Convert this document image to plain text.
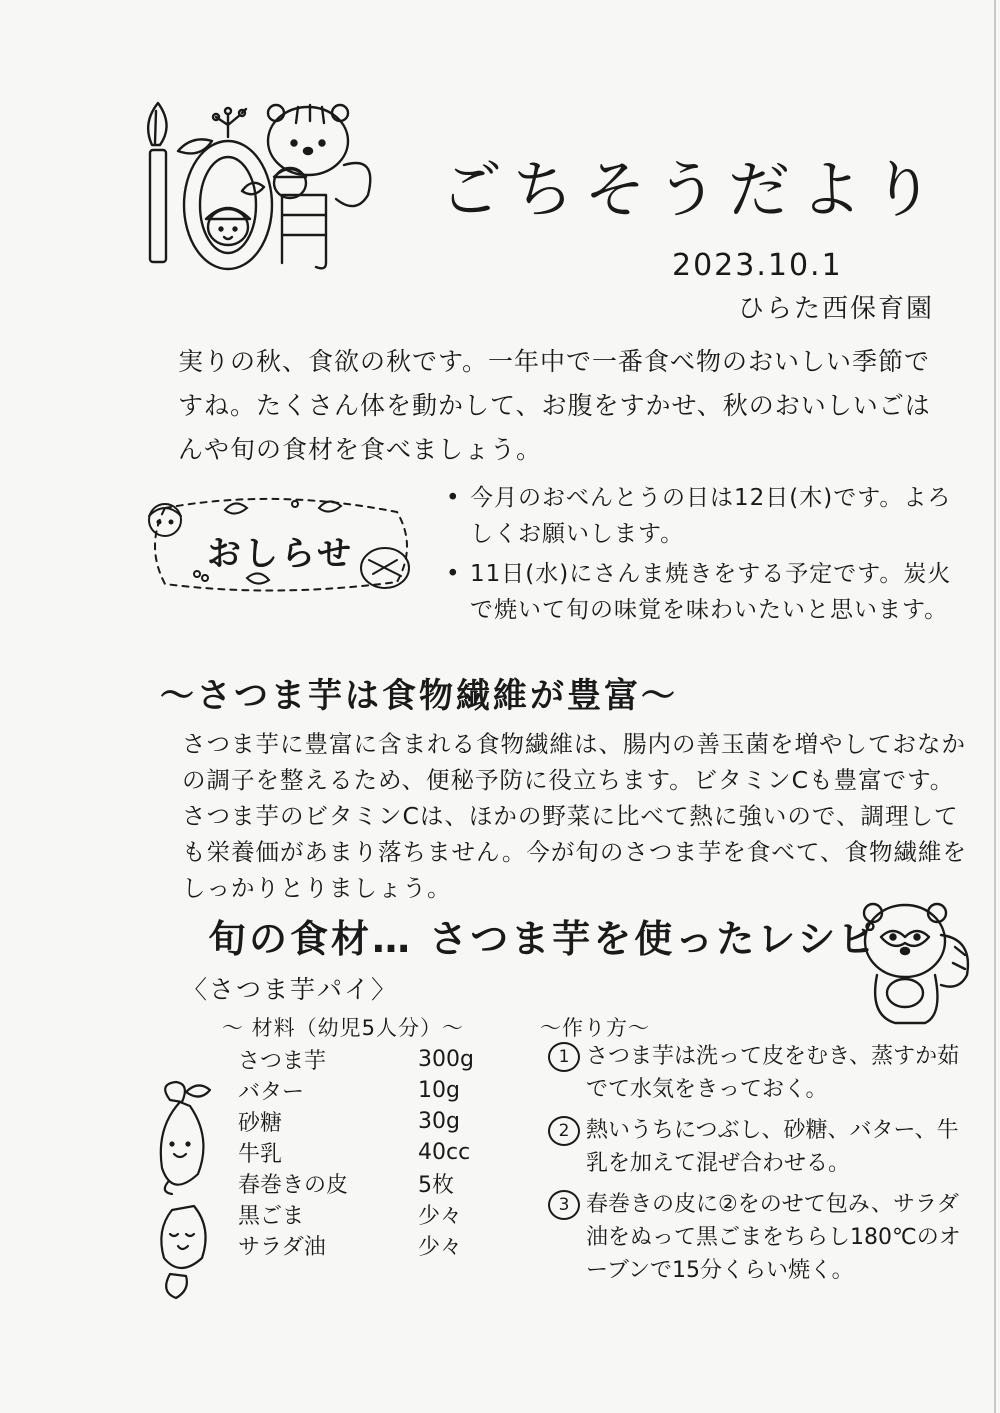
ごちそうだより
2023.10.1
ひらた西保育園
実りの秋、食欲の秋です。一年中で一番食べ物のおいしい季節ですね。たくさん体を動かして、お腹をすかせ、秋のおいしいごはんや旬の食材を食べましょう。
おしらせ
• 今月のおべんとうの日は12日(木)です。よろしくお願いします。
• 11日(水)にさんま焼きをする予定です。炭火で焼いて旬の味覚を味わいたいと思います。
～さつま芋は食物繊維が豊富～
さつま芋に豊富に含まれる食物繊維は、腸内の善玉菌を増やしておなかの調子を整えるため、便秘予防に役立ちます。ビタミンCも豊富です。さつま芋のビタミンCは、ほかの野菜に比べて熱に強いので、調理しても栄養価があまり落ちません。今が旬のさつま芋を食べて、食物繊維をしっかりとりましょう。
旬の食材… さつま芋を使ったレシピ
〈さつま芋パイ〉
～ 材料（幼児5人分）～
さつま芋	300g
バター	10g
砂糖	30g
牛乳	40cc
春巻きの皮	5枚
黒ごま	少々
サラダ油	少々
～作り方～
1 さつま芋は洗って皮をむき、蒸すか茹でて水気をきっておく。
2 熱いうちにつぶし、砂糖、バター、牛乳を加えて混ぜ合わせる。
3 春巻きの皮に②をのせて包み、サラダ油をぬって黒ごまをちらし180℃のオーブンで15分くらい焼く。
